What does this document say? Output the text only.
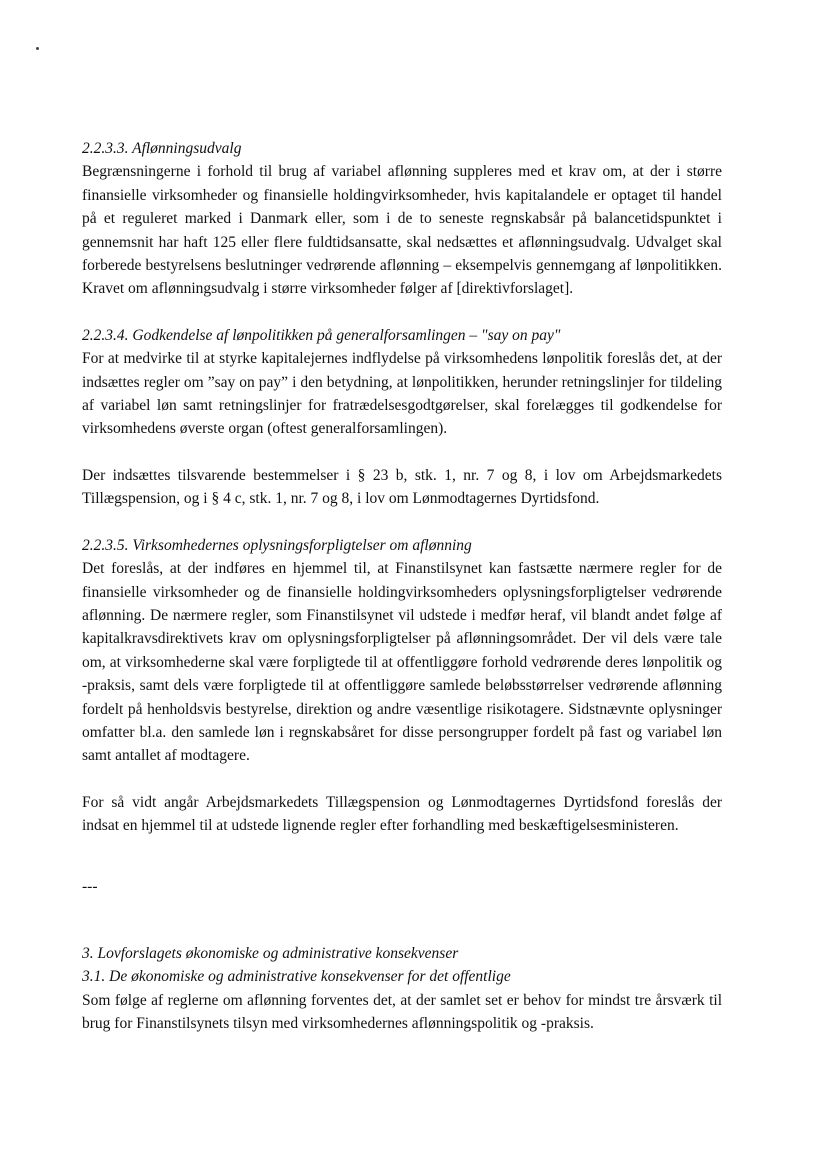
2.2.3.3. Aflønningsudvalg

Begrænsningerne i forhold til brug af variabel aflønning suppleres med et krav om, at der i større finansielle virksomheder og finansielle holdingvirksomheder, hvis kapitalandele er optaget til handel på et reguleret marked i Danmark eller, som i de to seneste regnskabsår på balancetidspunktet i gennemsnit har haft 125 eller flere fuldtidsansatte, skal nedsættes et aflønningsudvalg. Udvalget skal forberede bestyrelsens beslutninger vedrørende aflønning – eksempelvis gennemgang af lønpolitikken. Kravet om aflønningsudvalg i større virksomheder følger af [direktivforslaget].

2.2.3.4. Godkendelse af lønpolitikken på generalforsamlingen – "say on pay"

For at medvirke til at styrke kapitalejernes indflydelse på virksomhedens lønpolitik foreslås det, at der indsættes regler om ”say on pay” i den betydning, at lønpolitikken, herunder retningslinjer for tildeling af variabel løn samt retningslinjer for fratrædelsesgodtgørelser, skal forelægges til godkendelse for virksomhedens øverste organ (oftest generalforsamlingen).

Der indsættes tilsvarende bestemmelser i § 23 b, stk. 1, nr. 7 og 8, i lov om Arbejdsmarkedets Tillægspension, og i § 4 c, stk. 1, nr. 7 og 8, i lov om Lønmodtagernes Dyrtidsfond.

2.2.3.5. Virksomhedernes oplysningsforpligtelser om aflønning

Det foreslås, at der indføres en hjemmel til, at Finanstilsynet kan fastsætte nærmere regler for de finansielle virksomheder og de finansielle holdingvirksomheders oplysningsforpligtelser vedrørende aflønning. De nærmere regler, som Finanstilsynet vil udstede i medfør heraf, vil blandt andet følge af kapitalkravsdirektivets krav om oplysningsforpligtelser på aflønningsområdet. Der vil dels være tale om, at virksomhederne skal være forpligtede til at offentliggøre forhold vedrørende deres lønpolitik og -praksis, samt dels være forpligtede til at offentliggøre samlede beløbsstørrelser vedrørende aflønning fordelt på henholdsvis bestyrelse, direktion og andre væsentlige risikotagere. Sidstnævnte oplysninger omfatter bl.a. den samlede løn i regnskabsåret for disse persongrupper fordelt på fast og variabel løn samt antallet af modtagere.

For så vidt angår Arbejdsmarkedets Tillægspension og Lønmodtagernes Dyrtidsfond foreslås der indsat en hjemmel til at udstede lignende regler efter forhandling med beskæftigelsesministeren.

---
3. Lovforslagets økonomiske og administrative konsekvenser
3.1. De økonomiske og administrative konsekvenser for det offentlige

Som følge af reglerne om aflønning forventes det, at der samlet set er behov for mindst tre årsværk til brug for Finanstilsynets tilsyn med virksomhedernes aflønningspolitik og -praksis.
